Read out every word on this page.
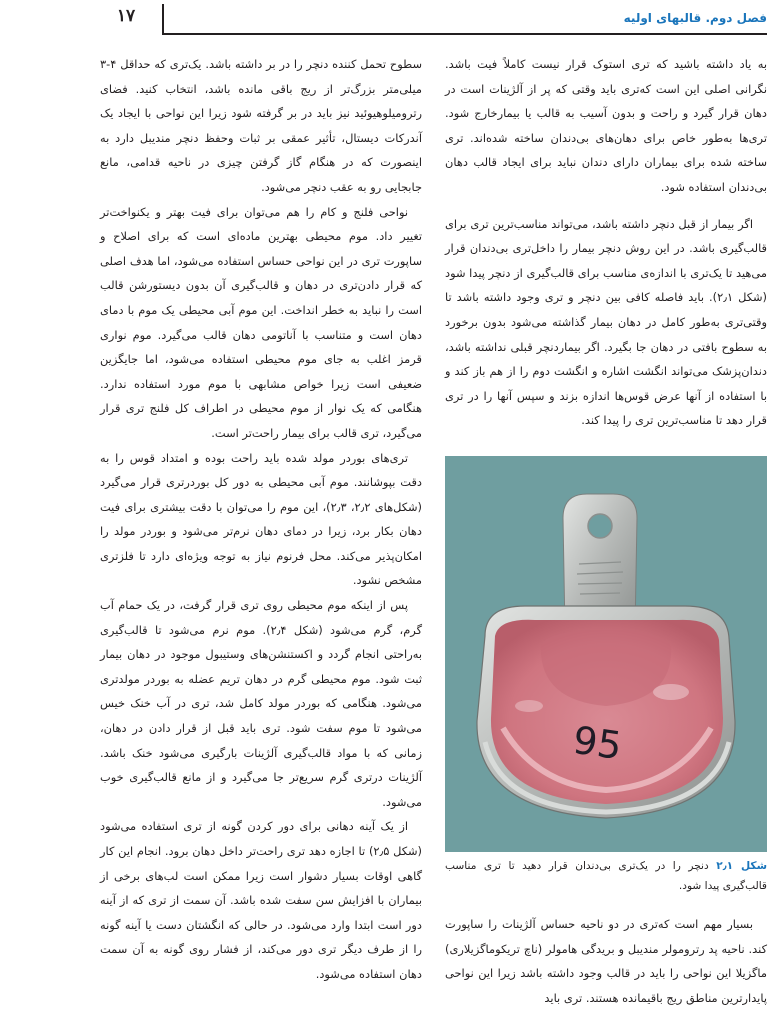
۱۷	فصل دوم. قالبهای اولیه

به یاد داشته باشید که تری استوک قرار نیست کاملاً فیت باشد. نگرانی اصلی این است که‌تری باید وقتی که پر از آلژینات است در دهان قرار گیرد و راحت و بدون آسیب به قالب یا بیمارخارج شود. تری‌ها به‌طور خاص برای دهان‌های بی‌دندان ساخته شده‌اند. تری ساخته شده برای بیماران دارای دندان نباید برای ایجاد قالب دهان بی‌دندان استفاده شود.

اگر بیمار از قبل دنچر داشته باشد، می‌تواند مناسب‌ترین تری برای قالب‌گیری باشد. در این روش دنچر بیمار را داخل‌تری بی‌دندان قرار می‌هید تا یک‌تری با اندازه‌ی مناسب برای قالب‌گیری از دنچر پیدا شود (شکل ۲٫۱). باید فاصله کافی بین دنچر و تری وجود داشته باشد تا وقتی‌تری به‌طور کامل در دهان بیمار گذاشته می‌شود بدون برخورد به سطوح بافتی در دهان جا بگیرد. اگر بیماردنچر قبلی نداشته باشد، دندان‌پزشک می‌تواند انگشت اشاره و انگشت دوم را از هم باز کند و با استفاده از آنها عرض قوس‌ها اندازه بزند و سپس آنها را در تری قرار دهد تا مناسب‌ترین تری را پیدا کند.

95
شکل ۲٫۱ دنچر را در یک‌تری بی‌دندان قرار دهید تا تری مناسب قالب‌گیری پیدا شود.

بسیار مهم است که‌تری در دو ناحیه حساس آلژینات را ساپورت کند. ناحیه پد رترومولر مندیبل و بریدگی هامولر (ناچ تریکوماگزیلاری) ماگزیلا این نواحی را باید در قالب وجود داشته باشد زیرا این نواحی پایدارترین مناطق ریج باقیمانده هستند. تری باید

سطوح تحمل کننده دنچر را در بر داشته باشد. یک‌تری که حداقل ۴-۳ میلی‌متر بزرگ‌تر از ریج باقی مانده باشد، انتخاب کنید. فضای رترومیلوهیوئید نیز باید در بر گرفته شود زیرا این نواحی با ایجاد یک آندرکات دیستال، تأثیر عمقی بر ثبات وحفظ دنچر مندیبل دارد به اینصورت که در هنگام گاز گرفتن چیزی در ناحیه قدامی، مانع جابجایی رو به عقب دنچر می‌شود.

نواحی فلنج و کام را هم می‌توان برای فیت بهتر و یکنواخت‌تر تغییر داد. موم محیطی بهترین ماده‌ای است که برای اصلاح و ساپورت تری در این نواحی حساس استفاده می‌شود، اما هدف اصلی که قرار دادن‌تری در دهان و قالب‌گیری آن بدون دیستورشن قالب است را نباید به خطر انداخت. این موم آبی محیطی یک موم با دمای دهان است و متناسب با آناتومی دهان قالب می‌گیرد. موم نواری قرمز اغلب به جای موم محیطی استفاده می‌شود، اما جایگزین ضعیفی است زیرا خواص مشابهی با موم مورد استفاده ندارد. هنگامی که یک نوار از موم محیطی در اطراف کل فلنج تری قرار می‌گیرد، تری قالب برای بیمار راحت‌تر است.

تری‌های بوردر مولد شده باید راحت بوده و امتداد قوس را به دقت بپوشانند. موم آبی محیطی به دور کل بوردرتری قرار می‌گیرد (شکل‌های ۲٫۲، ۲٫۳)، این موم را می‌توان با دقت بیشتری برای فیت دهان بکار برد، زیرا در دمای دهان نرم‌تر می‌شود و بوردر مولد را امکان‌پذیر می‌کند. محل فرنوم نیاز به توجه ویژه‌ای دارد تا فلزتری مشخص نشود.

پس از اینکه موم محیطی روی تری قرار گرفت، در یک حمام آب گرم، گرم می‌شود (شکل ۲٫۴). موم نرم می‌شود تا قالب‌گیری به‌راحتی انجام گردد و اکستنشن‌های وستیبول موجود در دهان بیمار ثبت شود. موم محیطی گرم در دهان تریم عضله به بوردر مولدتری می‌شود. هنگامی که بوردر مولد کامل شد، تری در آب خنک خیس می‌شود تا موم سفت شود. تری باید قبل از قرار دادن در دهان، زمانی که با مواد قالب‌گیری آلژینات بارگیری می‌شود خنک باشد. آلژینات درتری گرم سریع‌تر جا می‌گیرد و از مانع قالب‌گیری خوب می‌شود.

از یک آینه دهانی برای دور کردن گونه از تری استفاده می‌شود (شکل ۲٫۵) تا اجازه دهد تری راحت‌تر داخل دهان برود. انجام این کار گاهی اوقات بسیار دشوار است زیرا ممکن است لب‌های برخی از بیماران با افزایش سن سفت شده باشد. آن سمت از تری که از آینه دور است ابتدا وارد می‌شود. در حالی که انگشتان دست یا آینه گونه را از طرف دیگر تری دور می‌کند، از فشار روی گونه به آن سمت دهان استفاده می‌شود.
